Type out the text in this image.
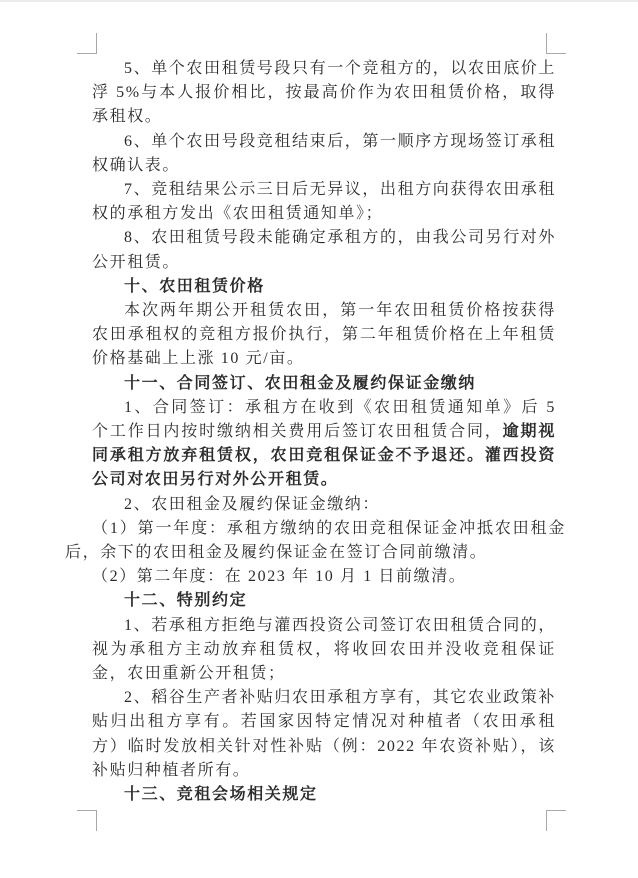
5、单个农田租赁号段只有一个竞租方的，以农田底价上浮 5%与本人报价相比，按最高价作为农田租赁价格，取得承租权。

6、单个农田号段竞租结束后，第一顺序方现场签订承租权确认表。

7、竞租结果公示三日后无异议，出租方向获得农田承租权的承租方发出《农田租赁通知单》；

8、农田租赁号段未能确定承租方的，由我公司另行对外公开租赁。

十、农田租赁价格

本次两年期公开租赁农田，第一年农田租赁价格按获得农田承租权的竞租方报价执行，第二年租赁价格在上年租赁价格基础上上涨 10 元/亩。

十一、合同签订、农田租金及履约保证金缴纳

1、合同签订：承租方在收到《农田租赁通知单》后 5 个工作日内按时缴纳相关费用后签订农田租赁合同，逾期视同承租方放弃租赁权，农田竞租保证金不予退还。灌西投资公司对农田另行对外公开租赁。

2、农田租金及履约保证金缴纳：

（1）第一年度：承租方缴纳的农田竞租保证金冲抵农田租金后，余下的农田租金及履约保证金在签订合同前缴清。

（2）第二年度：在 2023 年 10 月 1 日前缴清。

十二、特别约定

1、若承租方拒绝与灌西投资公司签订农田租赁合同的，视为承租方主动放弃租赁权，将收回农田并没收竞租保证金，农田重新公开租赁；

2、稻谷生产者补贴归农田承租方享有，其它农业政策补贴归出租方享有。若国家因特定情况对种植者（农田承租方）临时发放相关针对性补贴（例：2022 年农资补贴），该补贴归种植者所有。

十三、竞租会场相关规定
